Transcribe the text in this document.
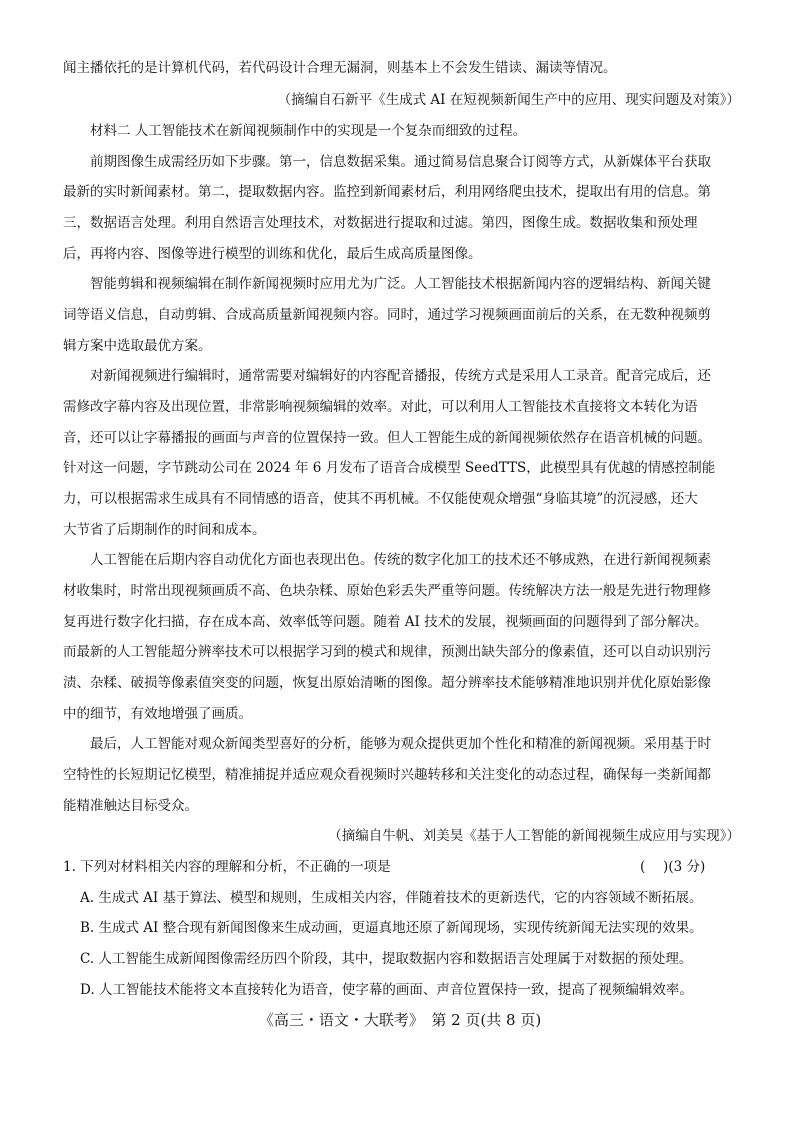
闻主播依托的是计算机代码，若代码设计合理无漏洞，则基本上不会发生错读、漏读等情况。
（摘编自石新平《生成式 AI 在短视频新闻生产中的应用、现实问题及对策》）
材料二 人工智能技术在新闻视频制作中的实现是一个复杂而细致的过程。
前期图像生成需经历如下步骤。第一，信息数据采集。通过简易信息聚合订阅等方式，从新媒体平台获取
最新的实时新闻素材。第二，提取数据内容。监控到新闻素材后，利用网络爬虫技术，提取出有用的信息。第
三，数据语言处理。利用自然语言处理技术，对数据进行提取和过滤。第四，图像生成。数据收集和预处理
后，再将内容、图像等进行模型的训练和优化，最后生成高质量图像。
智能剪辑和视频编辑在制作新闻视频时应用尤为广泛。人工智能技术根据新闻内容的逻辑结构、新闻关键
词等语义信息，自动剪辑、合成高质量新闻视频内容。同时，通过学习视频画面前后的关系，在无数种视频剪
辑方案中选取最优方案。
对新闻视频进行编辑时，通常需要对编辑好的内容配音播报，传统方式是采用人工录音。配音完成后，还
需修改字幕内容及出现位置，非常影响视频编辑的效率。对此，可以利用人工智能技术直接将文本转化为语
音，还可以让字幕播报的画面与声音的位置保持一致。但人工智能生成的新闻视频依然存在语音机械的问题。
针对这一问题，字节跳动公司在 2024 年 6 月发布了语音合成模型 SeedTTS，此模型具有优越的情感控制能
力，可以根据需求生成具有不同情感的语音，使其不再机械。不仅能使观众增强“身临其境”的沉浸感，还大
大节省了后期制作的时间和成本。
人工智能在后期内容自动优化方面也表现出色。传统的数字化加工的技术还不够成熟，在进行新闻视频素
材收集时，时常出现视频画质不高、色块杂糅、原始色彩丢失严重等问题。传统解决方法一般是先进行物理修
复再进行数字化扫描，存在成本高、效率低等问题。随着 AI 技术的发展，视频画面的问题得到了部分解决。
而最新的人工智能超分辨率技术可以根据学习到的模式和规律，预测出缺失部分的像素值，还可以自动识别污
渍、杂糅、破损等像素值突变的问题，恢复出原始清晰的图像。超分辨率技术能够精准地识别并优化原始影像
中的细节，有效地增强了画质。
最后，人工智能对观众新闻类型喜好的分析，能够为观众提供更加个性化和精准的新闻视频。采用基于时
空特性的长短期记忆模型，精准捕捉并适应观众看视频时兴趣转移和关注变化的动态过程，确保每一类新闻都
能精准触达目标受众。
（摘编自牛帆、刘美昊《基于人工智能的新闻视频生成应用与实现》）
1. 下列对材料相关内容的理解和分析，不正确的一项是	(　 )(3 分)
A. 生成式 AI 基于算法、模型和规则，生成相关内容，伴随着技术的更新迭代，它的内容领域不断拓展。
B. 生成式 AI 整合现有新闻图像来生成动画，更逼真地还原了新闻现场，实现传统新闻无法实现的效果。
C. 人工智能生成新闻图像需经历四个阶段，其中，提取数据内容和数据语言处理属于对数据的预处理。
D. 人工智能技术能将文本直接转化为语音，使字幕的画面、声音位置保持一致，提高了视频编辑效率。
《高三・语文・大联考》　第 2 页(共 8 页)
